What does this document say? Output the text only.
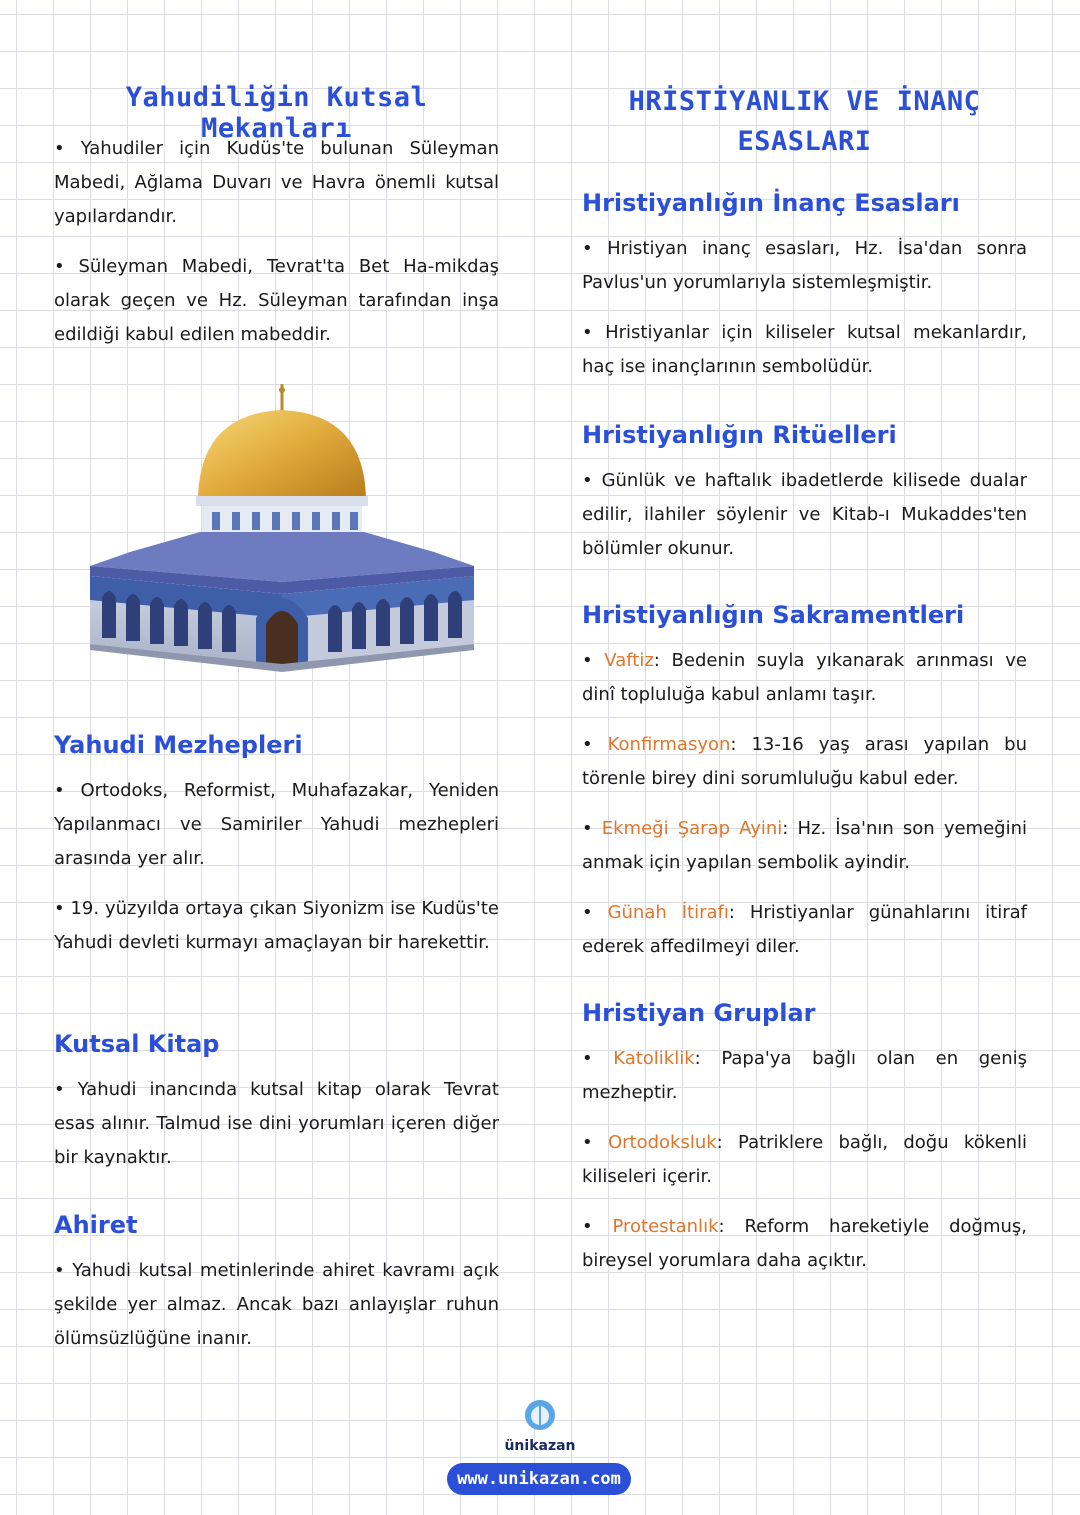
Yahudiliğin Kutsal Mekanları

• Yahudiler için Kudüs'te bulunan Süleyman Mabedi, Ağlama Duvarı ve Havra önemli kutsal yapılardandır.

• Süleyman Mabedi, Tevrat'ta Bet Ha-mikdaş olarak geçen ve Hz. Süleyman tarafından inşa edildiği kabul edilen mabeddir.

Yahudi Mezhepleri

• Ortodoks, Reformist, Muhafazakar, Yeniden Yapılanmacı ve Samiriler Yahudi mezhepleri arasında yer alır.

• 19. yüzyılda ortaya çıkan Siyonizm ise Kudüs'te Yahudi devleti kurmayı amaçlayan bir harekettir.

Kutsal Kitap

• Yahudi inancında kutsal kitap olarak Tevrat esas alınır. Talmud ise dini yorumları içeren diğer bir kaynaktır.

Ahiret

• Yahudi kutsal metinlerinde ahiret kavramı açık şekilde yer almaz. Ancak bazı anlayışlar ruhun ölümsüzlüğüne inanır.

HRİSTİYANLIK VE İNANÇ ESASLARI
Hristiyanlığın İnanç Esasları

• Hristiyan inanç esasları, Hz. İsa'dan sonra Pavlus'un yorumlarıyla sistemleşmiştir.

• Hristiyanlar için kiliseler kutsal mekanlardır, haç ise inançlarının sembolüdür.

Hristiyanlığın Ritüelleri

• Günlük ve haftalık ibadetlerde kilisede dualar edilir, ilahiler söylenir ve Kitab-ı Mukaddes'ten bölümler okunur.

Hristiyanlığın Sakramentleri

• Vaftiz: Bedenin suyla yıkanarak arınması ve dinî topluluğa kabul anlamı taşır.

• Konfirmasyon: 13-16 yaş arası yapılan bu törenle birey dini sorumluluğu kabul eder.

• Ekmeği Şarap Ayini: Hz. İsa'nın son yemeğini anmak için yapılan sembolik ayindir.

• Günah İtirafı: Hristiyanlar günahlarını itiraf ederek affedilmeyi diler.

Hristiyan Gruplar

• Katoliklik: Papa'ya bağlı olan en geniş mezheptir.

• Ortodoksluk: Patriklere bağlı, doğu kökenli kiliseleri içerir.

• Protestanlık: Reform hareketiyle doğmuş, bireysel yorumlara daha açıktır.

ünikazan
www.unikazan.com
